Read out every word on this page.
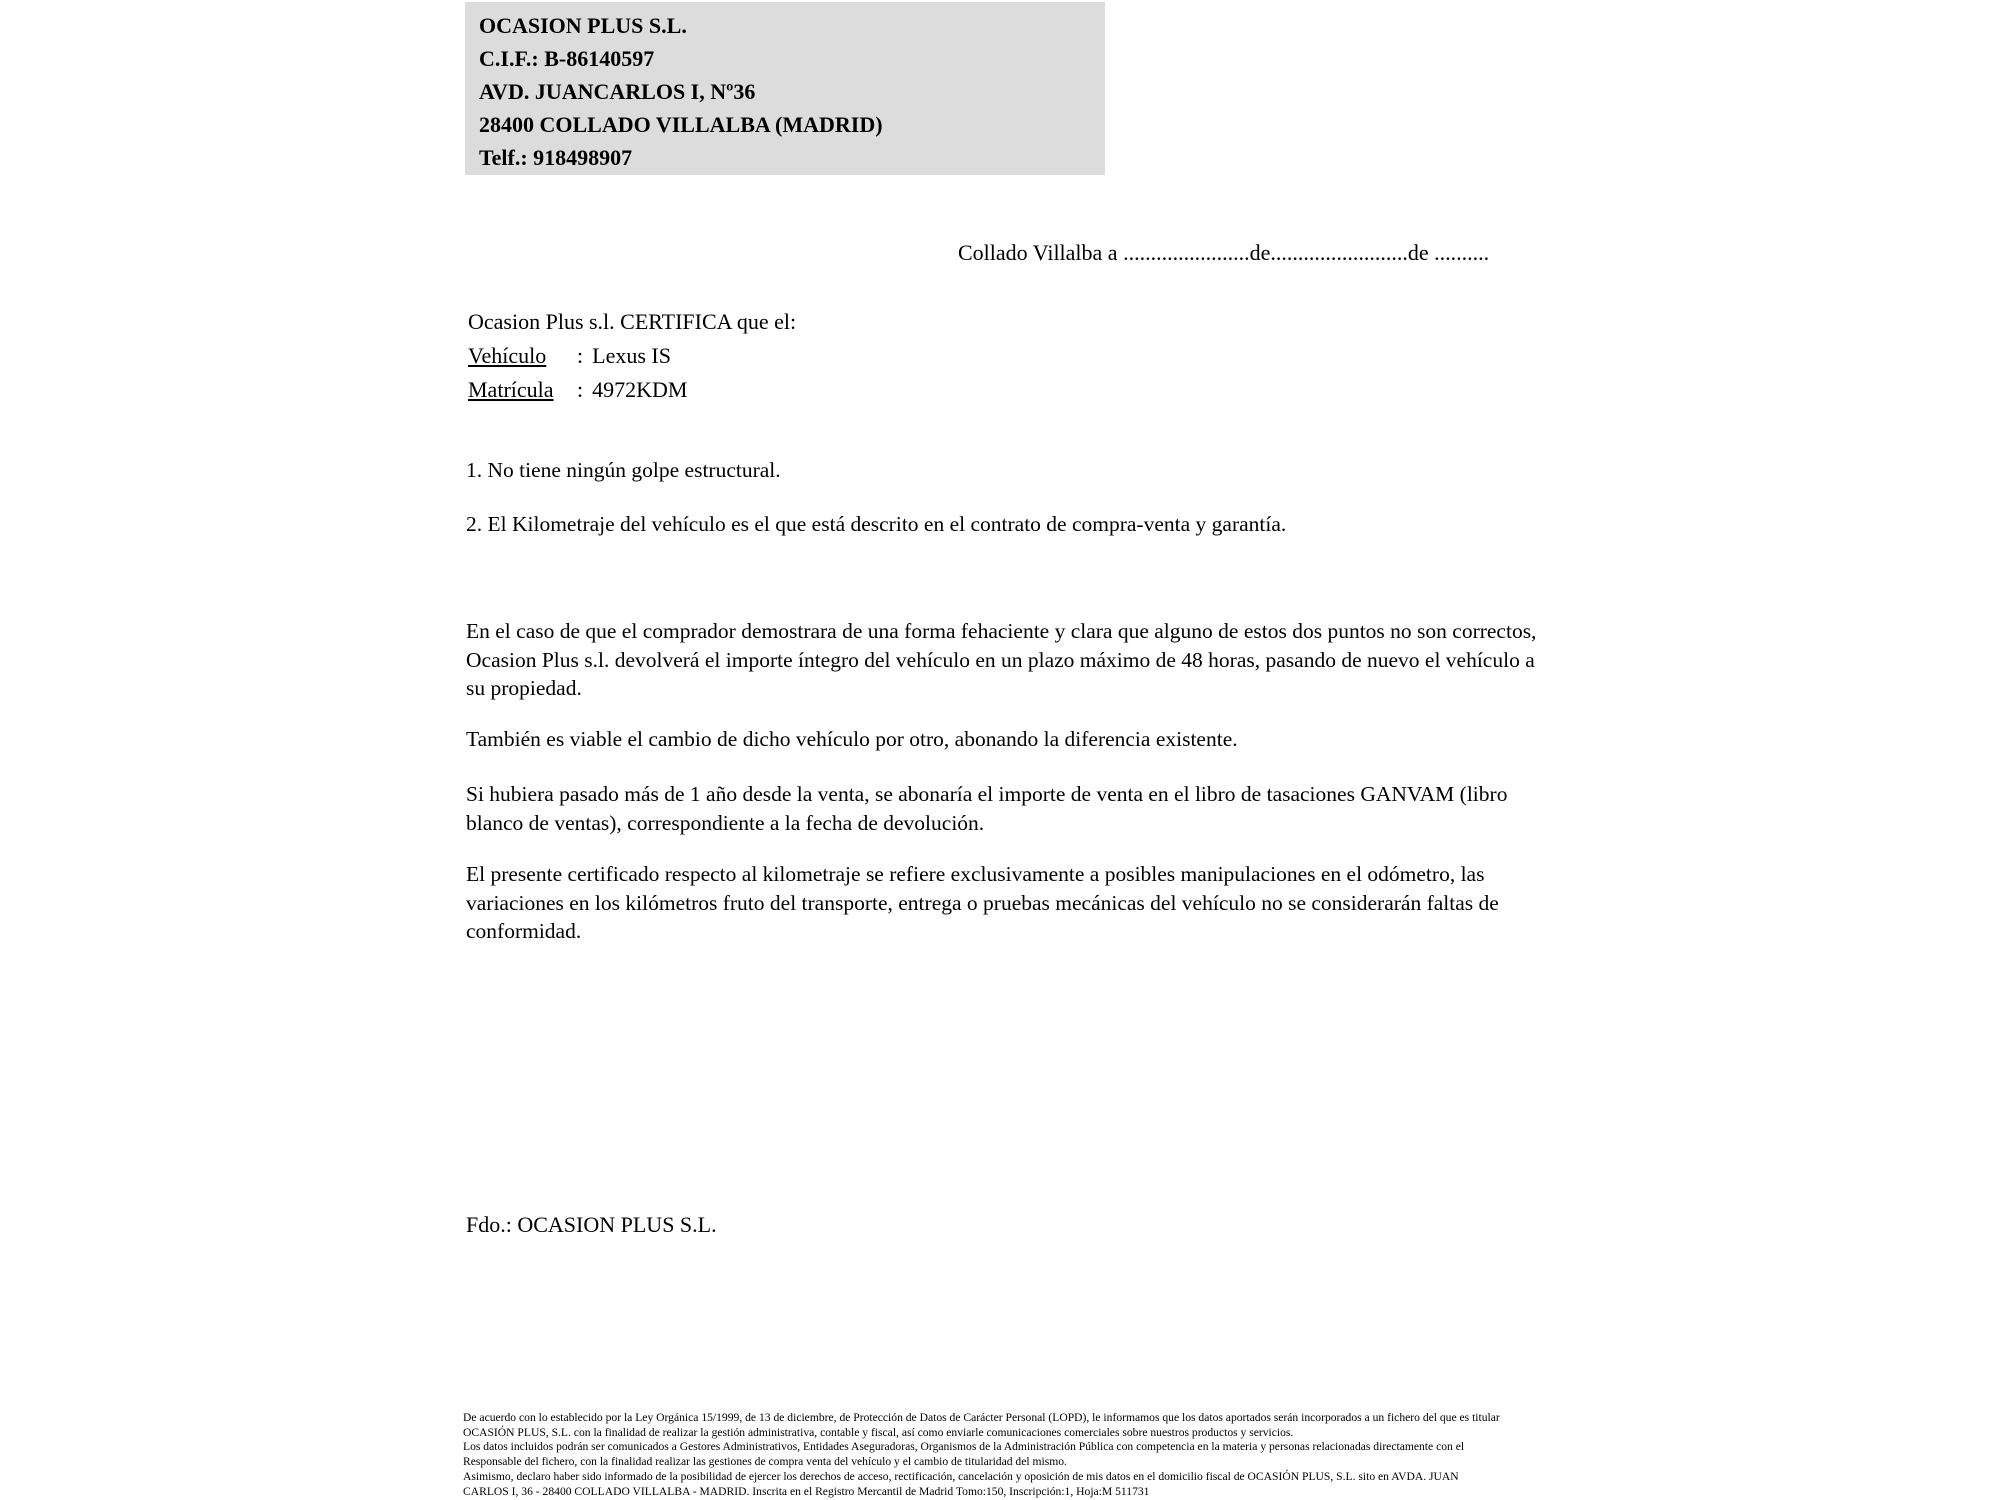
OCASION PLUS S.L.
C.I.F.: B-86140597
AVD. JUANCARLOS I, Nº36
28400 COLLADO VILLALBA (MADRID)
Telf.: 918498907
Collado Villalba a .......................de.........................de ..........
Ocasion Plus s.l. CERTIFICA que el:
Vehículo : Lexus IS
Matrícula : 4972KDM
1. No tiene ningún golpe estructural.
2. El Kilometraje del vehículo es el que está descrito en el contrato de compra-venta y garantía.
En el caso de que el comprador demostrara de una forma fehaciente y clara que alguno de estos dos puntos no son correctos, Ocasion Plus s.l. devolverá el importe íntegro del vehículo en un plazo máximo de 48 horas, pasando de nuevo el vehículo a su propiedad.
También es viable el cambio de dicho vehículo por otro, abonando la diferencia existente.
Si hubiera pasado más de 1 año desde la venta, se abonaría el importe de venta en el libro de tasaciones GANVAM (libro blanco de ventas), correspondiente a la fecha de devolución.
El presente certificado respecto al kilometraje se refiere exclusivamente a posibles manipulaciones en el odómetro, las variaciones en los kilómetros fruto del transporte, entrega o pruebas mecánicas del vehículo no se considerarán faltas de conformidad.
Fdo.: OCASION PLUS S.L.
De acuerdo con lo establecido por la Ley Orgánica 15/1999, de 13 de diciembre, de Protección de Datos de Carácter Personal (LOPD), le informamos que los datos aportados serán incorporados a un fichero del que es titular
OCASIÓN PLUS, S.L. con la finalidad de realizar la gestión administrativa, contable y fiscal, así como enviarle comunicaciones comerciales sobre nuestros productos y servicios.
Los datos incluidos podrán ser comunicados a Gestores Administrativos, Entidades Aseguradoras, Organismos de la Administración Pública con competencia en la materia y personas relacionadas directamente con el
Responsable del fichero, con la finalidad realizar las gestiones de compra venta del vehículo y el cambio de titularidad del mismo.
Asimismo, declaro haber sido informado de la posibilidad de ejercer los derechos de acceso, rectificación, cancelación y oposición de mis datos en el domicilio fiscal de OCASIÓN PLUS, S.L. sito en AVDA. JUAN
CARLOS I, 36 - 28400 COLLADO VILLALBA - MADRID. Inscrita en el Registro Mercantil de Madrid Tomo:150, Inscripción:1, Hoja:M 511731
